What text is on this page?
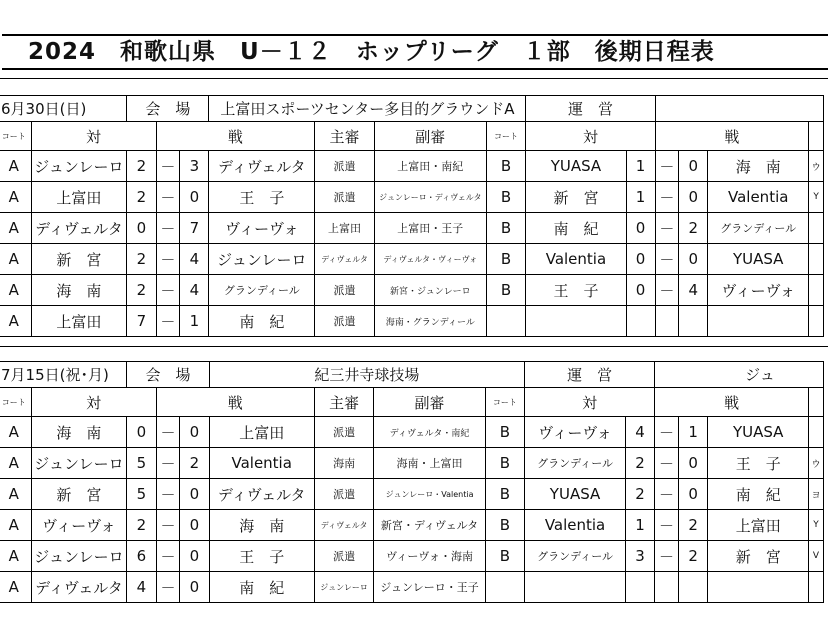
2024　和歌山県　U－１２　ホップリーグ　１部　後期日程表
6月30日(日)		会　場			上富田スポーツセンター多目的グラウンドA				運　営					
コート	対		戦			主審	副審	コート	対		戦			
A	ジュンレーロ	2	－	3	ディヴェルタ	派遣	上富田・南紀	B	YUASA	1	－	0	海　南	ウ
A	上富田	2	－	0	王　子	派遣	ジュンレーロ・ディヴェルタ	B	新　宮	1	－	0	Valentia	Y
A	ディヴェルタ	0	－	7	ヴィーヴォ	上富田	上富田・王子	B	南　紀	0	－	2	グランディール	
A	新　宮	2	－	4	ジュンレーロ	ディヴェルタ	ディヴェルタ・ヴィーヴォ	B	Valentia	0	－	0	YUASA	
A	海　南	2	－	4	グランディール	派遣	新宮・ジュンレーロ	B	王　子	0	－	4	ヴィーヴォ	
A	上富田	7	－	1	南　紀	派遣	海南・グランディール							
7月15日(祝･月)		会　場			紀三井寺球技場				運　営		ジュ			
コート	対		戦			主審	副審	コート	対		戦			
A	海　南	0	－	0	上富田	派遣	ディヴェルタ・南紀	B	ヴィーヴォ	4	－	1	YUASA	
A	ジュンレーロ	5	－	2	Valentia	海南	海南・上富田	B	グランディール	2	－	0	王　子	ウ
A	新　宮	5	－	0	ディヴェルタ	派遣	ジュンレーロ・Valentia	B	YUASA	2	－	0	南　紀	ヨ
A	ヴィーヴォ	2	－	0	海　南	ディヴェルタ	新宮・ディヴェルタ	B	Valentia	1	－	2	上富田	Y
A	ジュンレーロ	6	－	0	王　子	派遣	ヴィーヴォ・海南	B	グランディール	3	－	2	新　宮	V
A	ディヴェルタ	4	－	0	南　紀	ジュンレーロ	ジュンレーロ・王子							
